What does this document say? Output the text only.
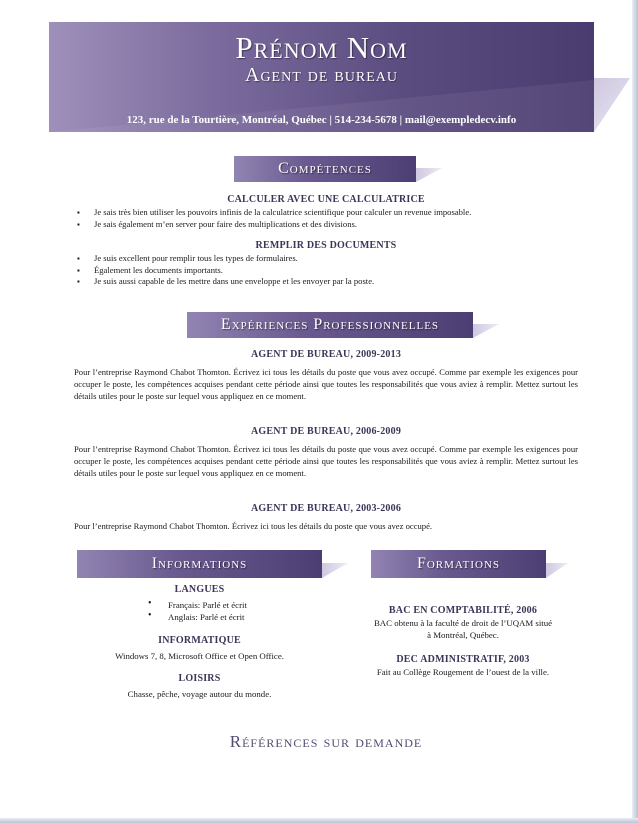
Prénom Nom
Agent de bureau
123, rue de la Tourtière, Montréal, Québec | 514-234-5678 | mail@exempledecv.info
Compétences
CALCULER AVEC UNE CALCULATRICE
▪ Je sais très bien utiliser les pouvoirs infinis de la calculatrice scientifique pour calculer un revenue imposable.
▪ Je sais également m’en server pour faire des multiplications et des divisions.
REMPLIR DES DOCUMENTS
▪ Je suis excellent pour remplir tous les types de formulaires.
▪ Également les documents importants.
▪ Je suis aussi capable de les mettre dans une enveloppe et les envoyer par la poste.
Expériences Professionnelles
AGENT DE BUREAU, 2009-2013
Pour l’entreprise Raymond Chabot Thomton. Écrivez ici tous les détails du poste que vous avez occupé. Comme par exemple les exigences pour occuper le poste, les compétences acquises pendant cette période ainsi que toutes les responsabilités que vous aviez à remplir. Mettez surtout les détails utiles pour le poste sur lequel vous appliquez en ce moment.
AGENT DE BUREAU, 2006-2009
Pour l’entreprise Raymond Chabot Thomton. Écrivez ici tous les détails du poste que vous avez occupé. Comme par exemple les exigences pour occuper le poste, les compétences acquises pendant cette période ainsi que toutes les responsabilités que vous aviez à remplir. Mettez surtout les détails utiles pour le poste sur lequel vous appliquez en ce moment.
AGENT DE BUREAU, 2003-2006
Pour l’entreprise Raymond Chabot Thomton. Écrivez ici tous les détails du poste que vous avez occupé.
Informations
LANGUES
• Français: Parlé et écrit
• Anglais: Parlé et écrit
INFORMATIQUE
Windows 7, 8, Microsoft Office et Open Office.
LOISIRS
Chasse, pêche, voyage autour du monde.
Formations
BAC EN COMPTABILITÉ, 2006
BAC obtenu à la faculté de droit de l’UQAM situé
à Montréal, Québec.
DEC ADMINISTRATIF, 2003
Fait au Collège Rougement de l’ouest de la ville.
Références sur demande
